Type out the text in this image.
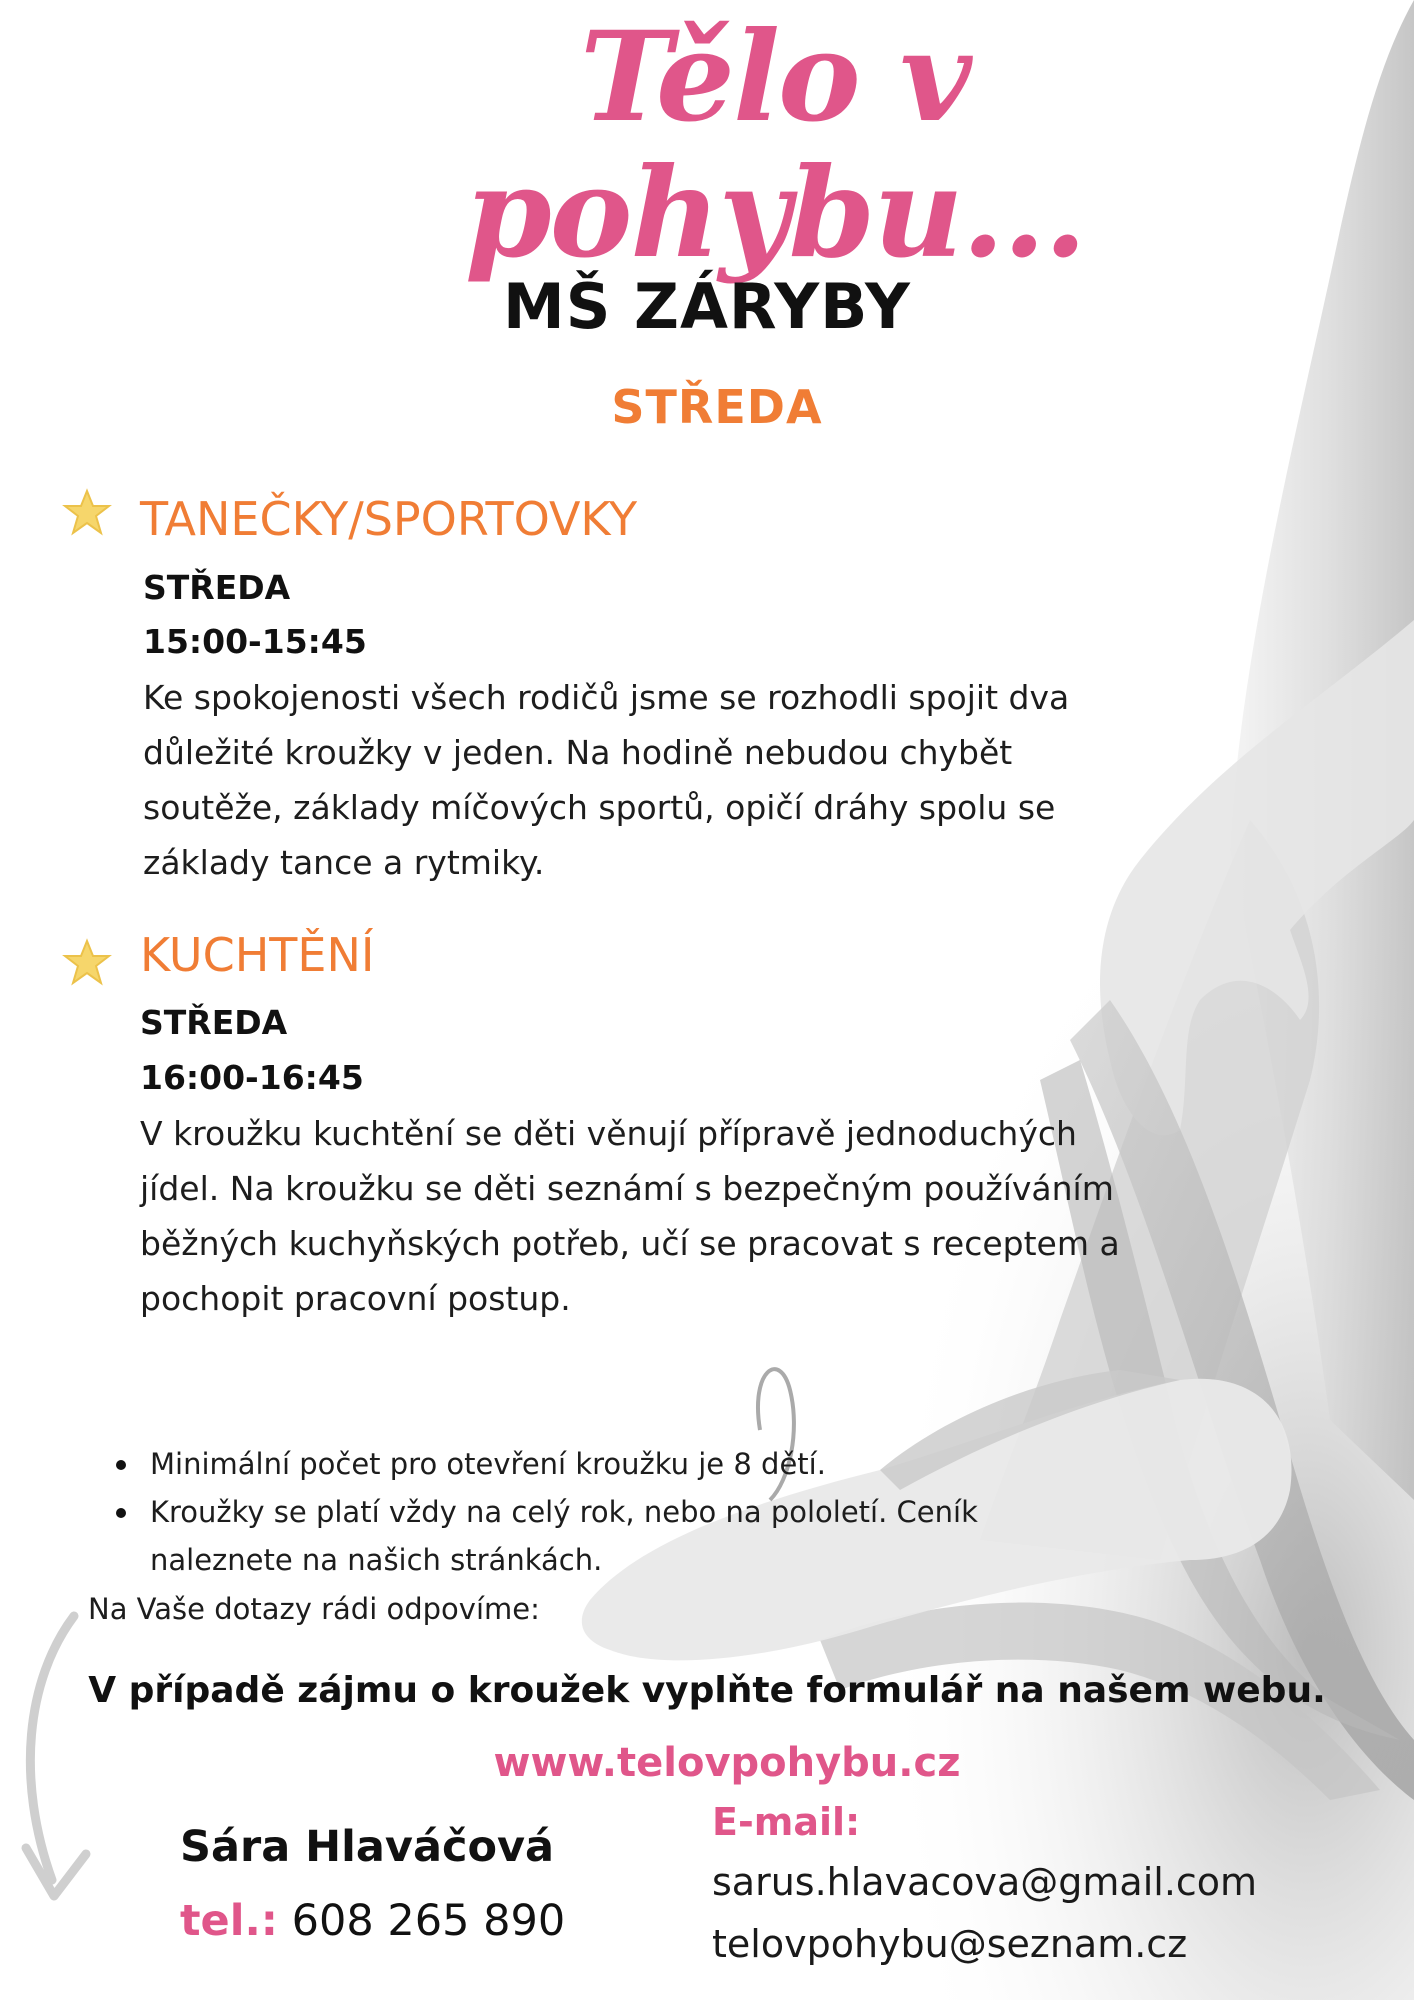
Tělo v pohybu...
MŠ ZÁRYBY
STŘEDA
TANEČKY/SPORTOVKY
STŘEDA
15:00-15:45
Ke spokojenosti všech rodičů jsme se rozhodli spojit dva
důležité kroužky v jeden. Na hodině nebudou chybět
soutěže, základy míčových sportů, opičí dráhy spolu se
základy tance a rytmiky.
KUCHTĚNÍ
STŘEDA
16:00-16:45
V kroužku kuchtění se děti věnují přípravě jednoduchých
jídel. Na kroužku se děti seznámí s bezpečným používáním
běžných kuchyňských potřeb, učí se pracovat s receptem a
pochopit pracovní postup.
Minimální počet pro otevření kroužku je 8 dětí.
Kroužky se platí vždy na celý rok, nebo na pololetí. Ceník
naleznete na našich stránkách.
Na Vaše dotazy rádi odpovíme:
V případě zájmu o kroužek vyplňte formulář na našem webu.
www.telovpohybu.cz
Sára Hlaváčová
tel.: 608 265 890
E-mail:
sarus.hlavacova@gmail.com
telovpohybu@seznam.cz
